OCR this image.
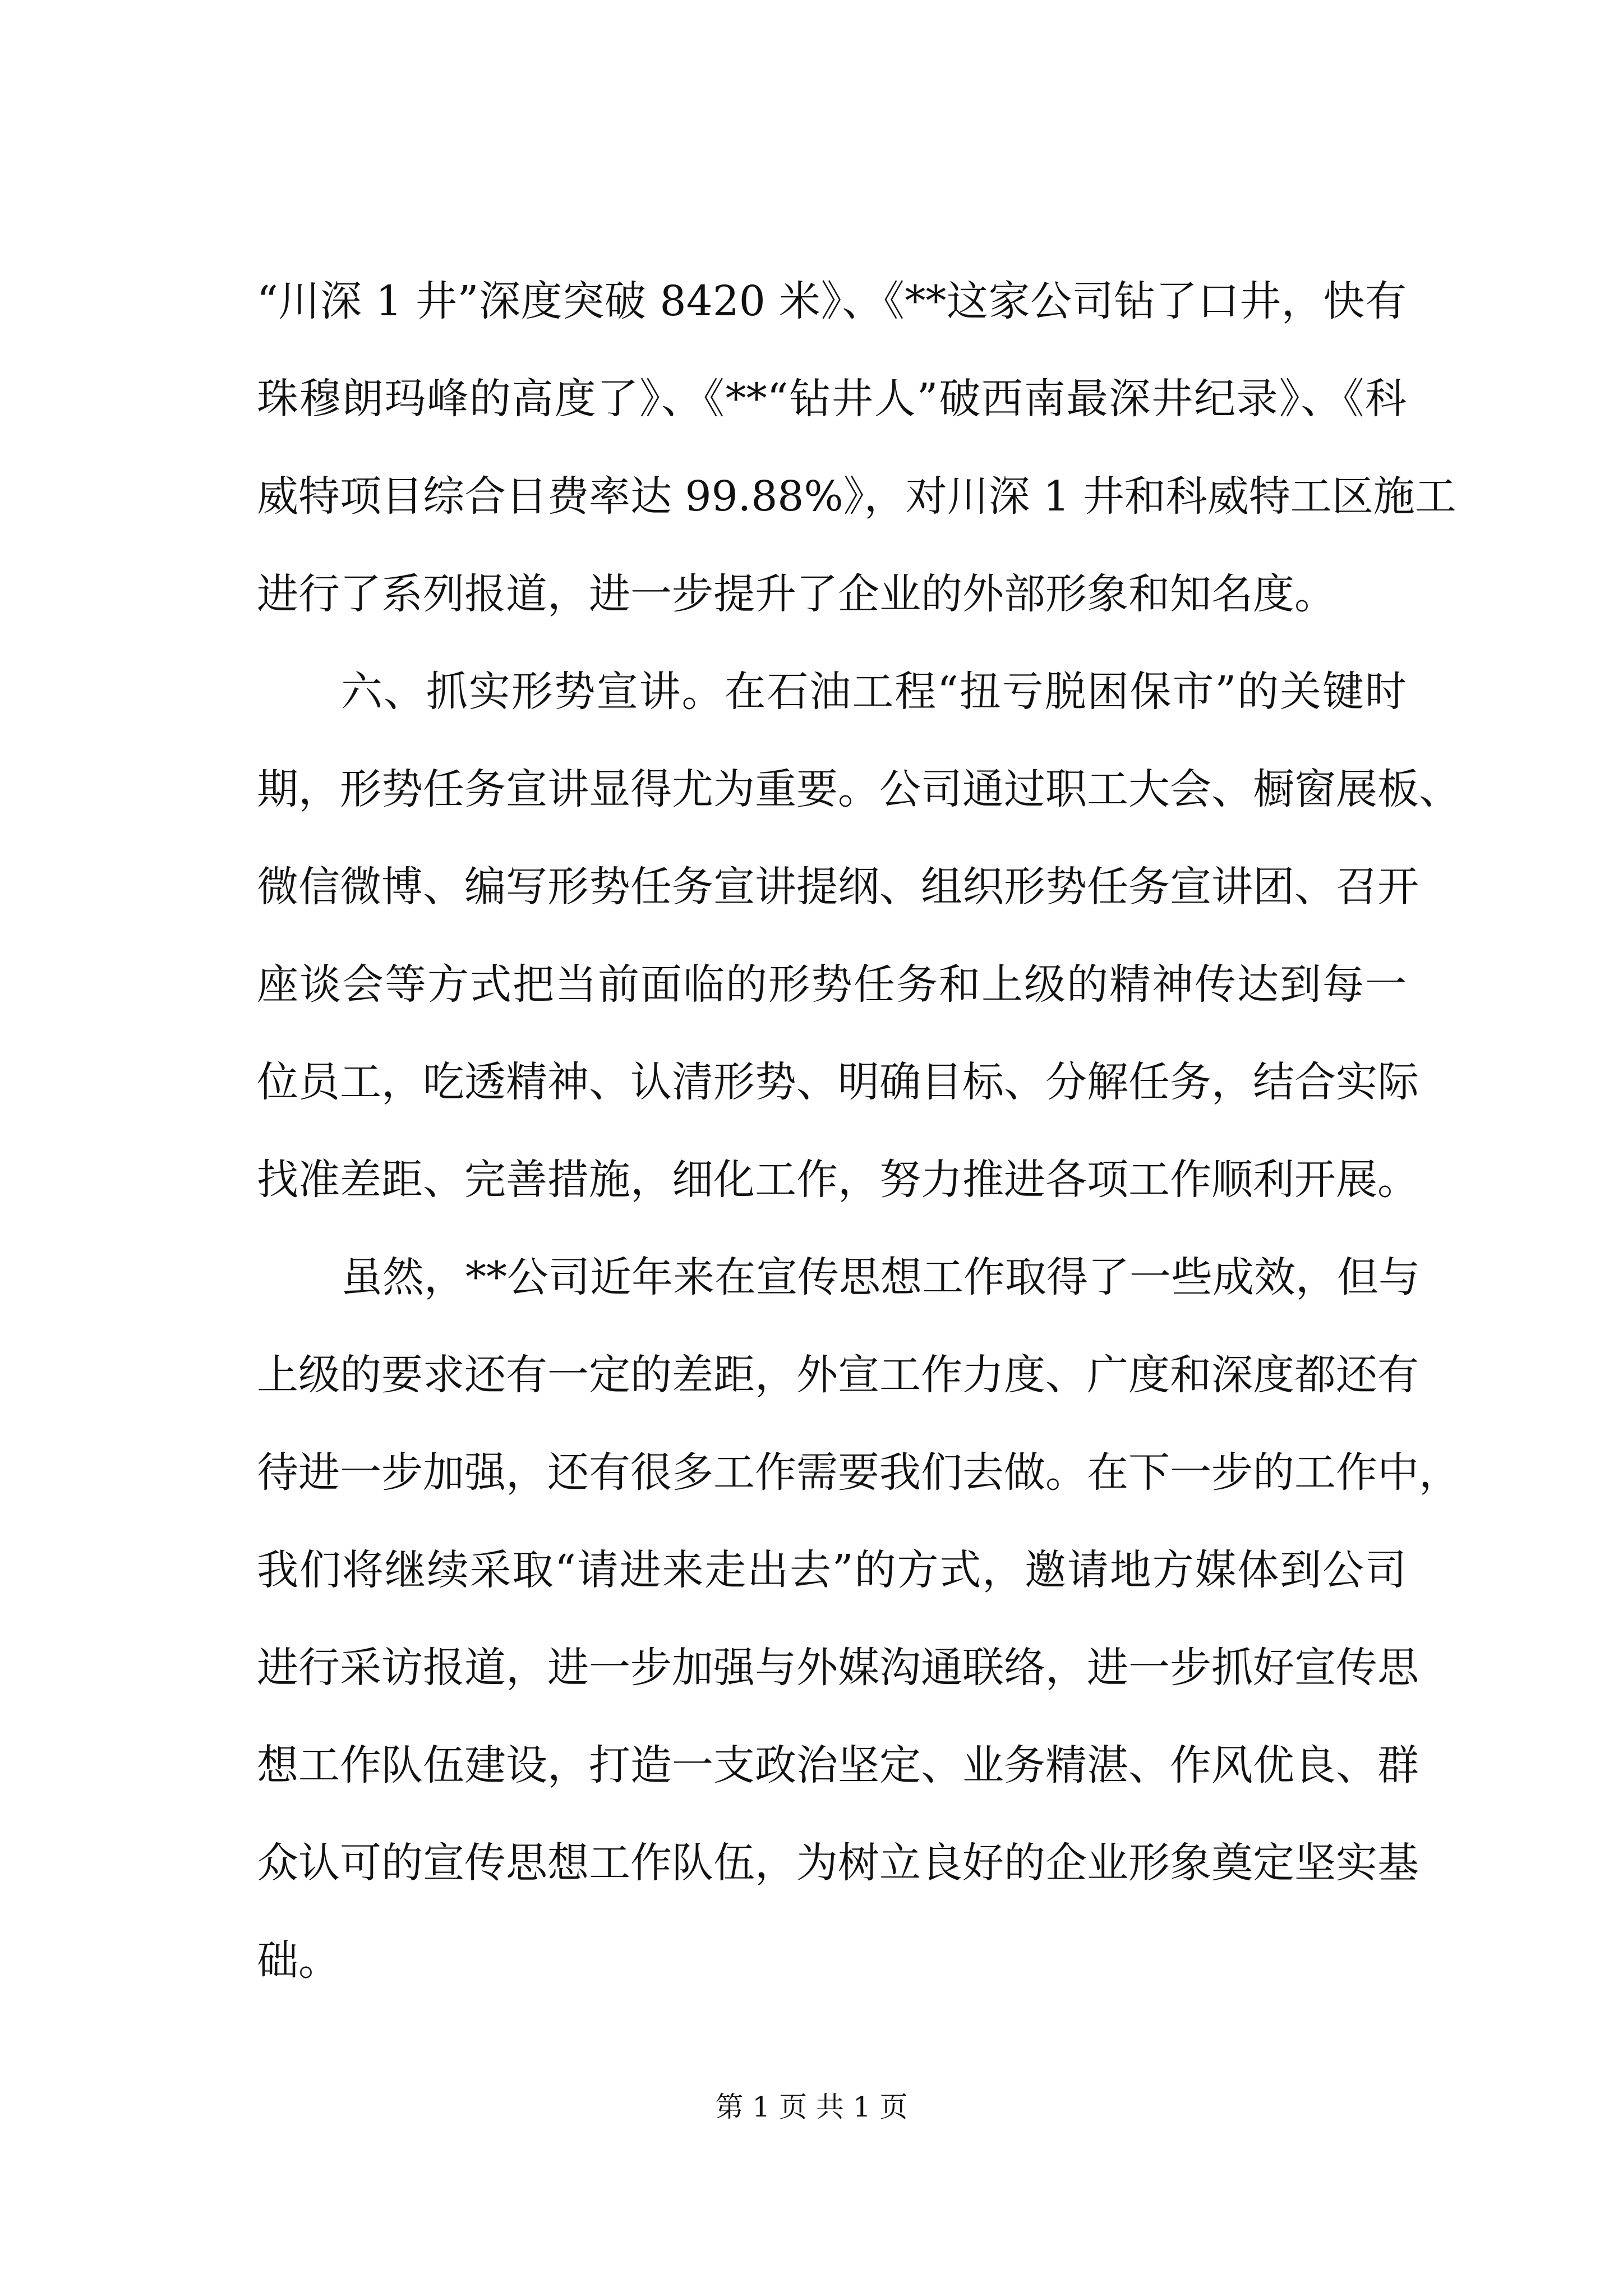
“川深 1 井”深度突破 8420 米》、《**这家公司钻了口井，快有
珠穆朗玛峰的高度了》、《**“钻井人”破西南最深井纪录》、《科
威特项目综合日费率达 99.88%》，对川深 1 井和科威特工区施工
进行了系列报道，进一步提升了企业的外部形象和知名度。
六、抓实形势宣讲。在石油工程“扭亏脱困保市”的关键时
期，形势任务宣讲显得尤为重要。公司通过职工大会、橱窗展板、
微信微博、编写形势任务宣讲提纲、组织形势任务宣讲团、召开
座谈会等方式把当前面临的形势任务和上级的精神传达到每一
位员工，吃透精神、认清形势、明确目标、分解任务，结合实际
找准差距、完善措施，细化工作，努力推进各项工作顺利开展。
虽然，**公司近年来在宣传思想工作取得了一些成效，但与
上级的要求还有一定的差距，外宣工作力度、广度和深度都还有
待进一步加强，还有很多工作需要我们去做。在下一步的工作中，
我们将继续采取“请进来走出去”的方式，邀请地方媒体到公司
进行采访报道，进一步加强与外媒沟通联络，进一步抓好宣传思
想工作队伍建设，打造一支政治坚定、业务精湛、作风优良、群
众认可的宣传思想工作队伍，为树立良好的企业形象奠定坚实基
础。
第 1 页 共 1 页
